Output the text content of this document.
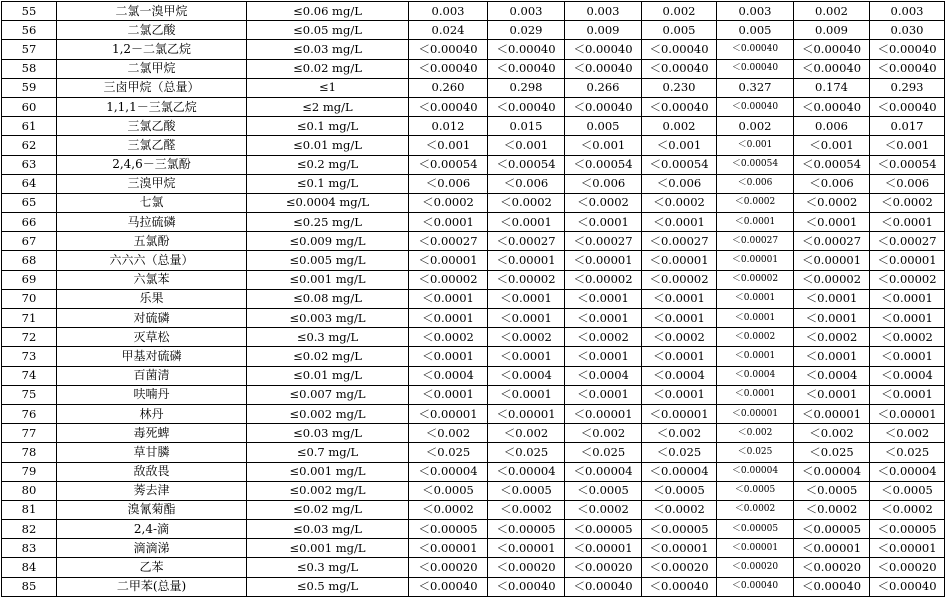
55	二氯一溴甲烷	≤0.06 mg/L	0.003	0.003	0.003	0.002	0.003	0.002	0.003
56	二氯乙酸	≤0.05 mg/L	0.024	0.029	0.009	0.005	0.005	0.009	0.030
57	1,2－二氯乙烷	≤0.03 mg/L	＜0.00040	＜0.00040	＜0.00040	＜0.00040	＜0.00040	＜0.00040	＜0.00040
58	二氯甲烷	≤0.02 mg/L	＜0.00040	＜0.00040	＜0.00040	＜0.00040	＜0.00040	＜0.00040	＜0.00040
59	三卤甲烷（总量）	≤1	0.260	0.298	0.266	0.230	0.327	0.174	0.293
60	1,1,1－三氯乙烷	≤2 mg/L	＜0.00040	＜0.00040	＜0.00040	＜0.00040	＜0.00040	＜0.00040	＜0.00040
61	三氯乙酸	≤0.1 mg/L	0.012	0.015	0.005	0.002	0.002	0.006	0.017
62	三氯乙醛	≤0.01 mg/L	＜0.001	＜0.001	＜0.001	＜0.001	＜0.001	＜0.001	＜0.001
63	2,4,6－三氯酚	≤0.2 mg/L	＜0.00054	＜0.00054	＜0.00054	＜0.00054	＜0.00054	＜0.00054	＜0.00054
64	三溴甲烷	≤0.1 mg/L	＜0.006	＜0.006	＜0.006	＜0.006	＜0.006	＜0.006	＜0.006
65	七氯	≤0.0004 mg/L	＜0.0002	＜0.0002	＜0.0002	＜0.0002	＜0.0002	＜0.0002	＜0.0002
66	马拉硫磷	≤0.25 mg/L	＜0.0001	＜0.0001	＜0.0001	＜0.0001	＜0.0001	＜0.0001	＜0.0001
67	五氯酚	≤0.009 mg/L	＜0.00027	＜0.00027	＜0.00027	＜0.00027	＜0.00027	＜0.00027	＜0.00027
68	六六六（总量）	≤0.005 mg/L	＜0.00001	＜0.00001	＜0.00001	＜0.00001	＜0.00001	＜0.00001	＜0.00001
69	六氯苯	≤0.001 mg/L	＜0.00002	＜0.00002	＜0.00002	＜0.00002	＜0.00002	＜0.00002	＜0.00002
70	乐果	≤0.08 mg/L	＜0.0001	＜0.0001	＜0.0001	＜0.0001	＜0.0001	＜0.0001	＜0.0001
71	对硫磷	≤0.003 mg/L	＜0.0001	＜0.0001	＜0.0001	＜0.0001	＜0.0001	＜0.0001	＜0.0001
72	灭草松	≤0.3 mg/L	＜0.0002	＜0.0002	＜0.0002	＜0.0002	＜0.0002	＜0.0002	＜0.0002
73	甲基对硫磷	≤0.02 mg/L	＜0.0001	＜0.0001	＜0.0001	＜0.0001	＜0.0001	＜0.0001	＜0.0001
74	百菌清	≤0.01 mg/L	＜0.0004	＜0.0004	＜0.0004	＜0.0004	＜0.0004	＜0.0004	＜0.0004
75	呋喃丹	≤0.007 mg/L	＜0.0001	＜0.0001	＜0.0001	＜0.0001	＜0.0001	＜0.0001	＜0.0001
76	林丹	≤0.002 mg/L	＜0.00001	＜0.00001	＜0.00001	＜0.00001	＜0.00001	＜0.00001	＜0.00001
77	毒死蜱	≤0.03 mg/L	＜0.002	＜0.002	＜0.002	＜0.002	＜0.002	＜0.002	＜0.002
78	草甘膦	≤0.7 mg/L	＜0.025	＜0.025	＜0.025	＜0.025	＜0.025	＜0.025	＜0.025
79	敌敌畏	≤0.001 mg/L	＜0.00004	＜0.00004	＜0.00004	＜0.00004	＜0.00004	＜0.00004	＜0.00004
80	莠去津	≤0.002 mg/L	＜0.0005	＜0.0005	＜0.0005	＜0.0005	＜0.0005	＜0.0005	＜0.0005
81	溴氰菊酯	≤0.02 mg/L	＜0.0002	＜0.0002	＜0.0002	＜0.0002	＜0.0002	＜0.0002	＜0.0002
82	2,4-滴	≤0.03 mg/L	＜0.00005	＜0.00005	＜0.00005	＜0.00005	＜0.00005	＜0.00005	＜0.00005
83	滴滴涕	≤0.001 mg/L	＜0.00001	＜0.00001	＜0.00001	＜0.00001	＜0.00001	＜0.00001	＜0.00001
84	乙苯	≤0.3 mg/L	＜0.00020	＜0.00020	＜0.00020	＜0.00020	＜0.00020	＜0.00020	＜0.00020
85	二甲苯(总量)	≤0.5 mg/L	＜0.00040	＜0.00040	＜0.00040	＜0.00040	＜0.00040	＜0.00040	＜0.00040
